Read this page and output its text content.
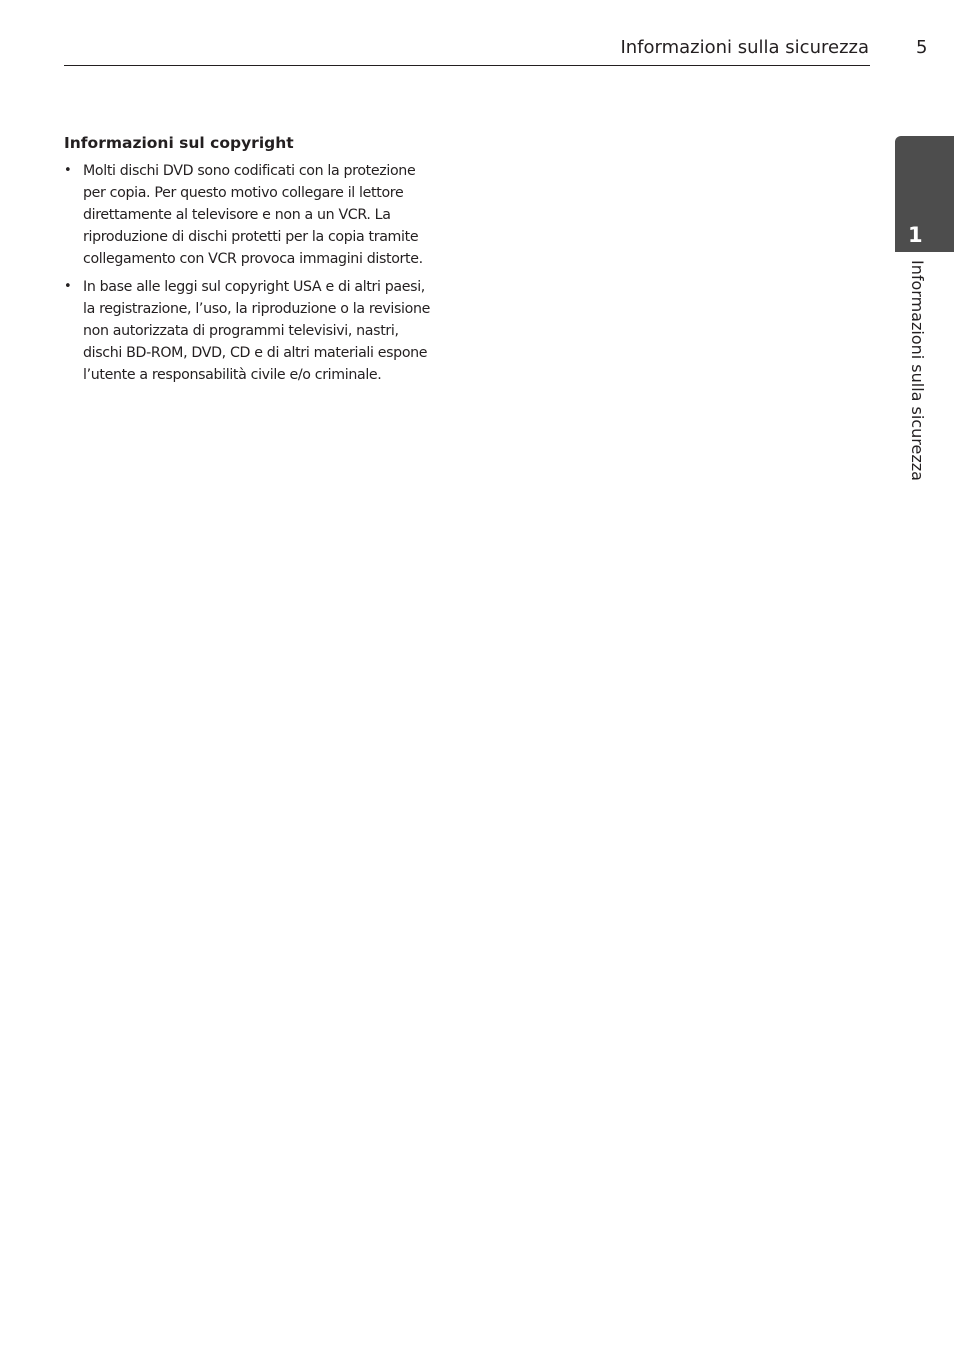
Informazioni sulla sicurezza	5
Informazioni sul copyright
• Molti dischi DVD sono codificati con la protezione
per copia. Per questo motivo collegare il lettore
direttamente al televisore e non a un VCR. La
riproduzione di dischi protetti per la copia tramite
collegamento con VCR provoca immagini distorte.
• In base alle leggi sul copyright USA e di altri paesi,
la registrazione, l’uso, la riproduzione o la revisione
non autorizzata di programmi televisivi, nastri,
dischi BD-ROM, DVD, CD e di altri materiali espone
l’utente a responsabilità civile e/o criminale.
1
Informazioni sulla sicurezza
